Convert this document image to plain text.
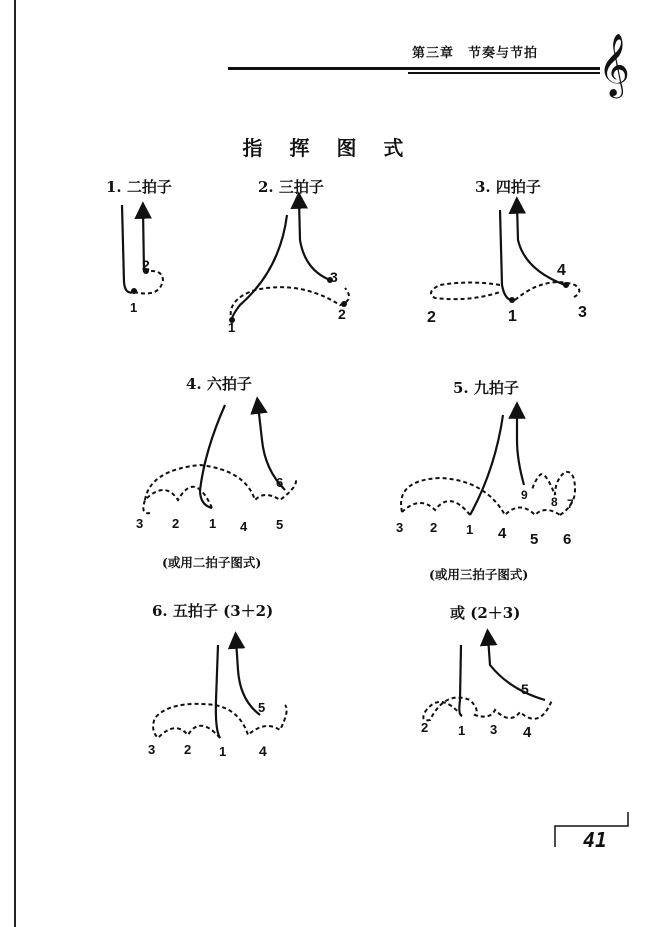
第三章　节奏与节拍 𝄞
指 挥 图 式
1. 二拍子	2. 三拍子	3. 四拍子
4. 六拍子	5. 九拍子
(或用二拍子图式)
(或用三拍子图式)
6. 五拍子 (3＋2)	或 (2＋3)
1
2
1
2
3
2	1	3
4
3 2 1 4 5
6
3 2 1 4 5 6
7
8
9
3 2 1 4
5
2 1 3 4
5
41
